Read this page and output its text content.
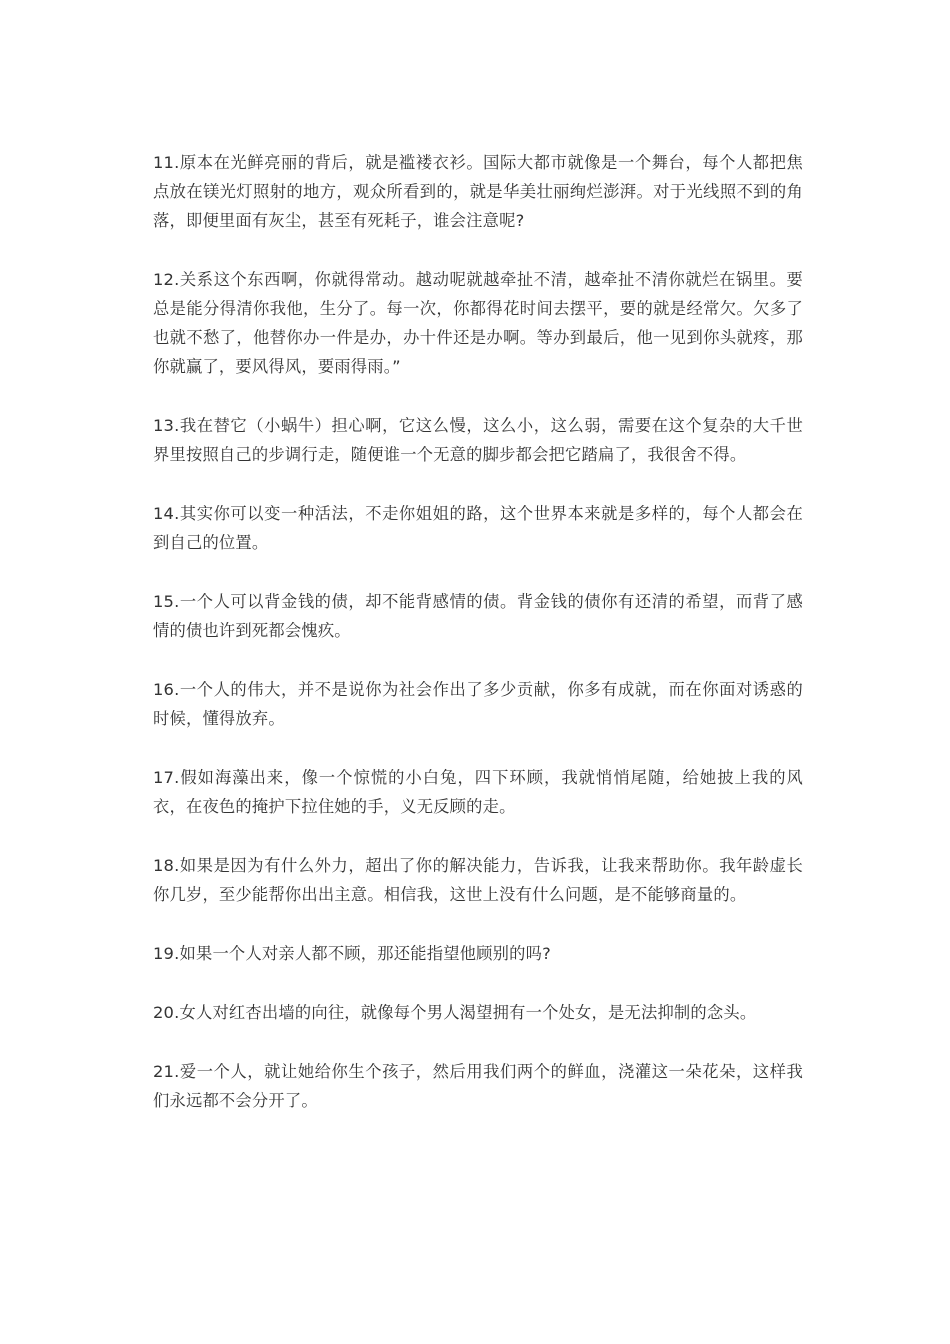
11.原本在光鲜亮丽的背后，就是褴褛衣衫。国际大都市就像是一个舞台，每个人都把焦点放在镁光灯照射的地方，观众所看到的，就是华美壮丽绚烂澎湃。对于光线照不到的角落，即便里面有灰尘，甚至有死耗子，谁会注意呢?

12.关系这个东西啊，你就得常动。越动呢就越牵扯不清，越牵扯不清你就烂在锅里。要总是能分得清你我他，生分了。每一次，你都得花时间去摆平，要的就是经常欠。欠多了也就不愁了，他替你办一件是办，办十件还是办啊。等办到最后，他一见到你头就疼，那你就赢了，要风得风，要雨得雨。”

13.我在替它（小蜗牛）担心啊，它这么慢，这么小，这么弱，需要在这个复杂的大千世界里按照自己的步调行走，随便谁一个无意的脚步都会把它踏扁了，我很舍不得。

14.其实你可以变一种活法，不走你姐姐的路，这个世界本来就是多样的，每个人都会在到自己的位置。

15.一个人可以背金钱的债，却不能背感情的债。背金钱的债你有还清的希望，而背了感情的债也许到死都会愧疚。

16.一个人的伟大，并不是说你为社会作出了多少贡献，你多有成就，而在你面对诱惑的时候，懂得放弃。

17.假如海藻出来，像一个惊慌的小白兔，四下环顾，我就悄悄尾随，给她披上我的风衣，在夜色的掩护下拉住她的手，义无反顾的走。

18.如果是因为有什么外力，超出了你的解决能力，告诉我，让我来帮助你。我年龄虚长你几岁，至少能帮你出出主意。相信我，这世上没有什么问题，是不能够商量的。

19.如果一个人对亲人都不顾，那还能指望他顾别的吗?

20.女人对红杏出墙的向往，就像每个男人渴望拥有一个处女，是无法抑制的念头。

21.爱一个人，就让她给你生个孩子，然后用我们两个的鲜血，浇灌这一朵花朵，这样我们永远都不会分开了。
